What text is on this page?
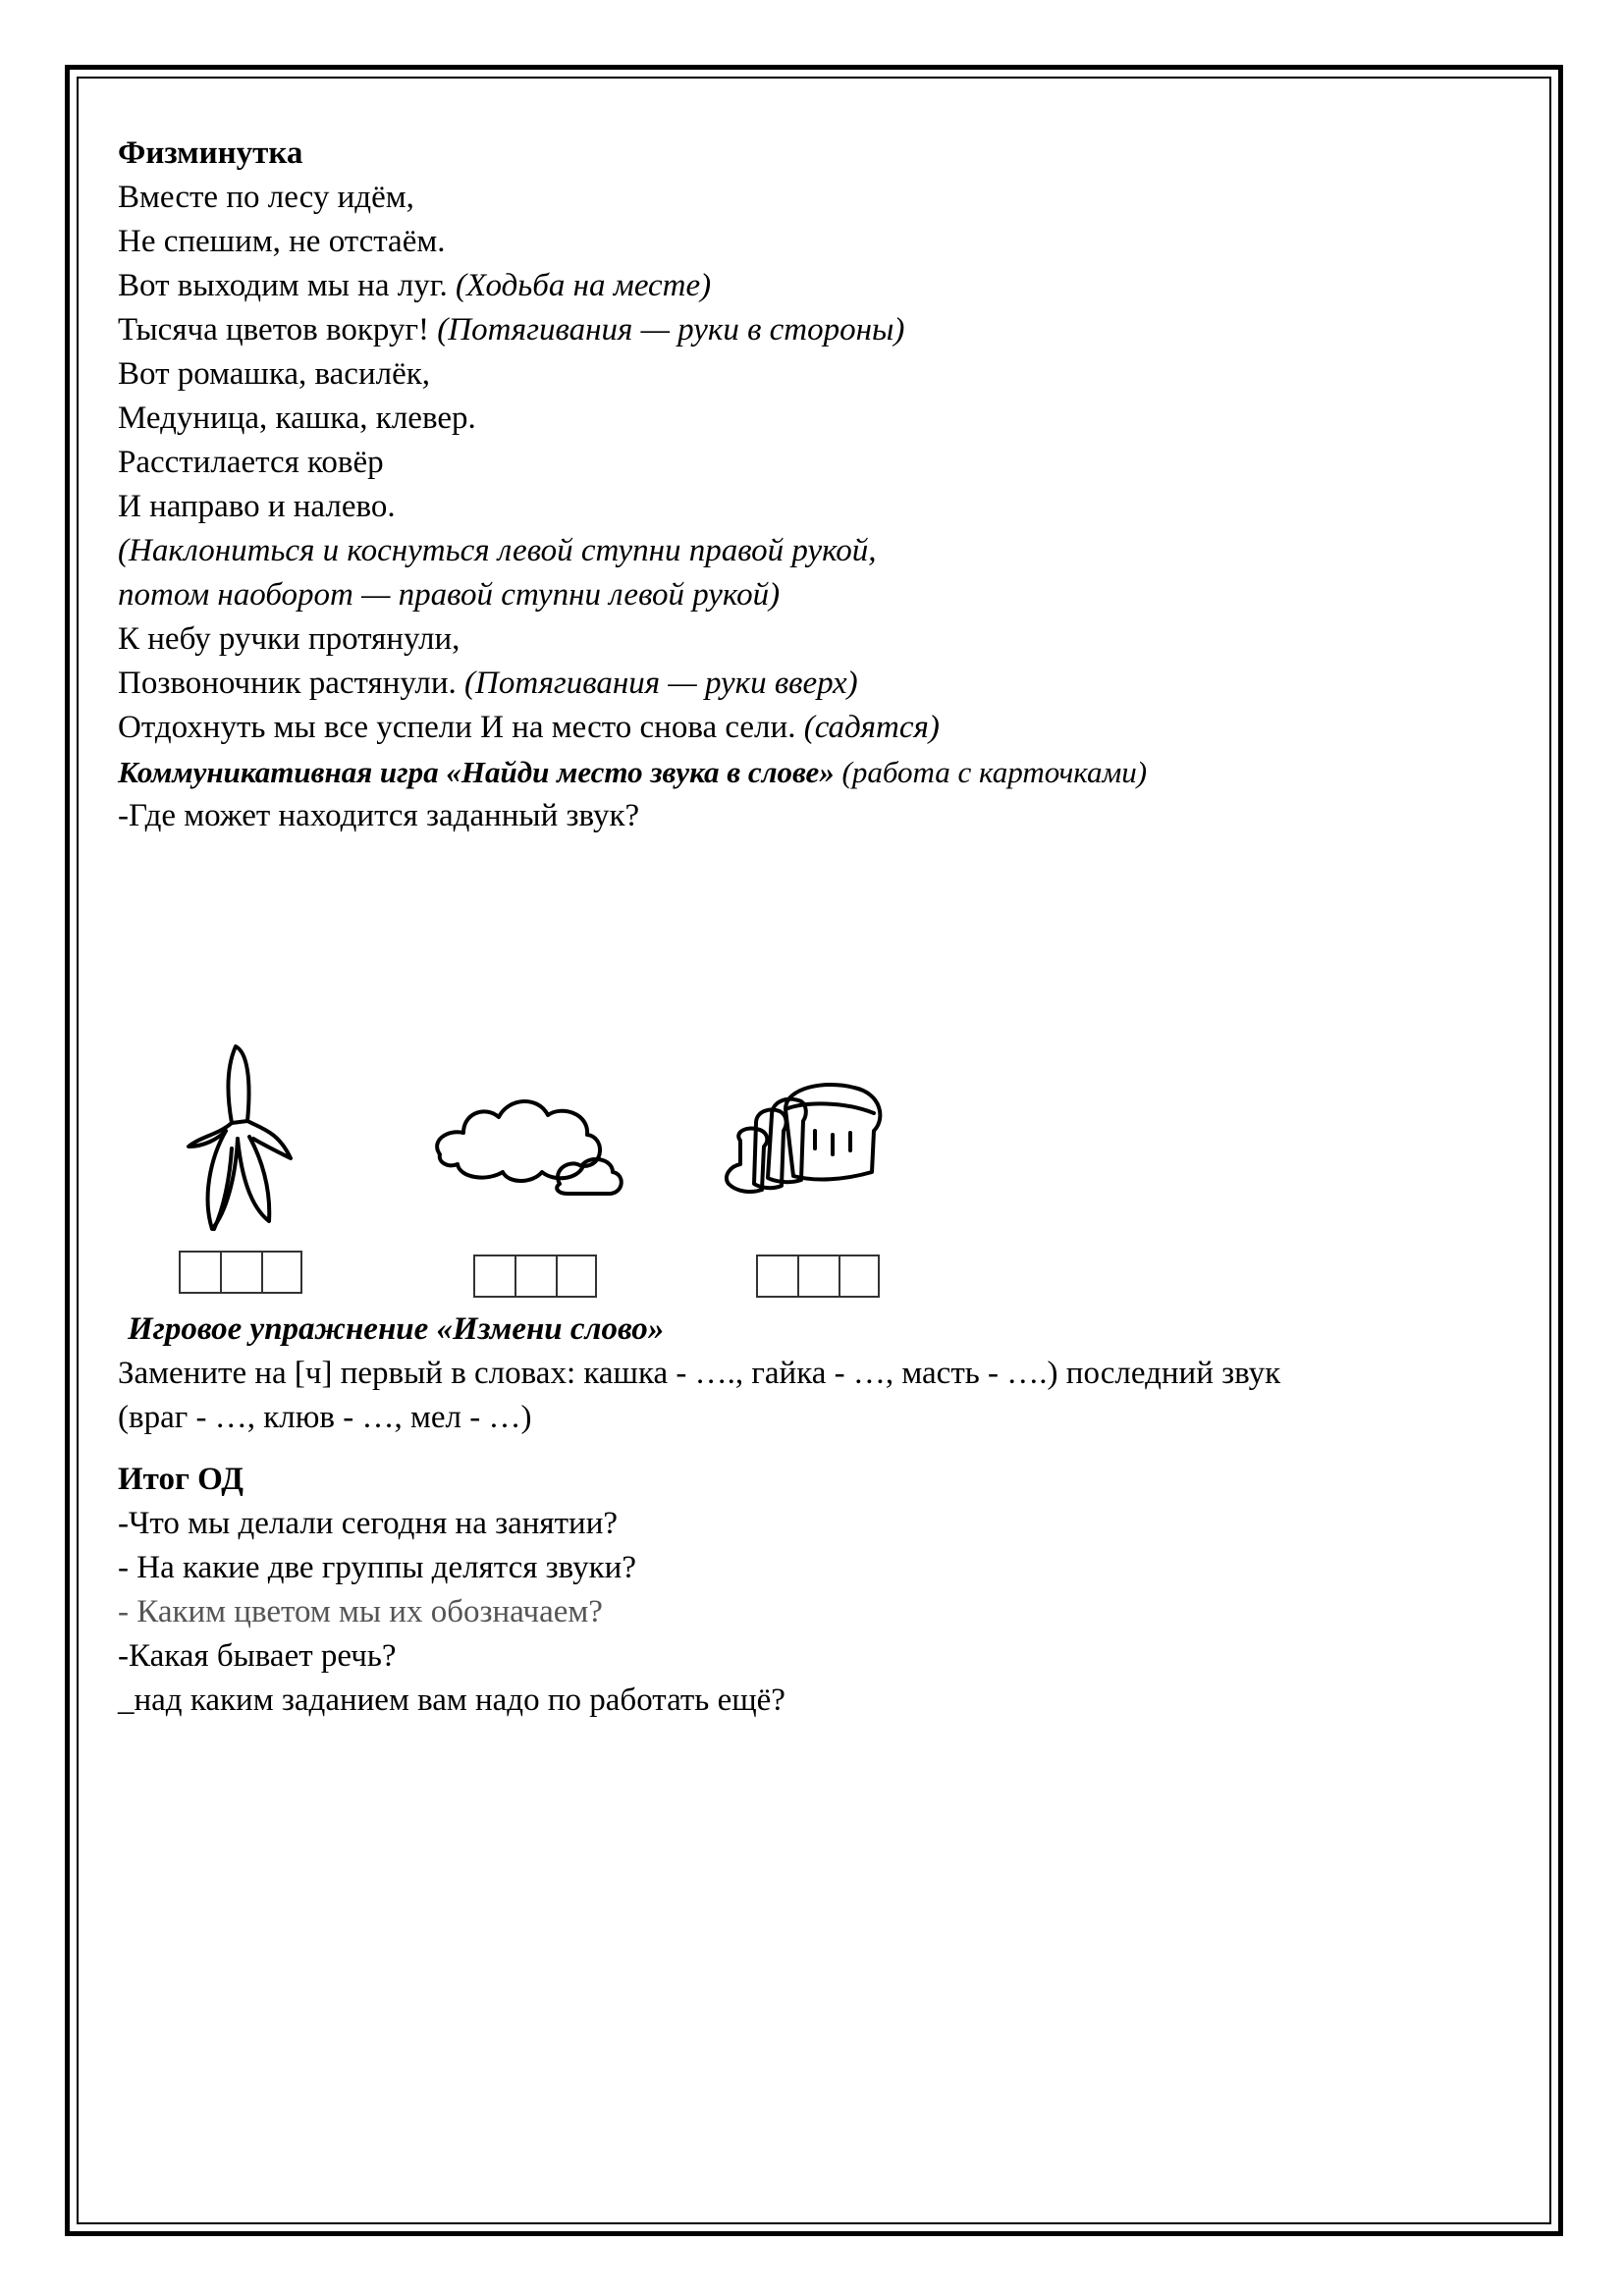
Физминутка
Вместе по лесу идём,
Не спешим, не отстаём.
Вот выходим мы на луг. (Ходьба на месте)
Тысяча цветов вокруг! (Потягивания — руки в стороны)
Вот ромашка, василёк,
Медуница, кашка, клевер.
Расстилается ковёр
И направо и налево.
(Наклониться и коснуться левой ступни правой рукой,
потом наоборот — правой ступни левой рукой)
К небу ручки протянули,
Позвоночник растянули. (Потягивания — руки вверх)
Отдохнуть мы все успели И на место снова сели. (садятся)
Коммуникативная игра «Найди место звука в слове» (работа с карточками)
-Где может находится заданный звук?
Игровое упражнение «Измени слово»
Замените на [ч] первый в словах: кашка - …., гайка - …, масть - ….) последний звук
(враг - …, клюв - …, мел - …)
Итог ОД
-Что мы делали сегодня на занятии?
- На какие две группы делятся звуки?
- Каким цветом мы их обозначаем?
-Какая бывает речь?
_над каким заданием вам надо по работать ещё?
